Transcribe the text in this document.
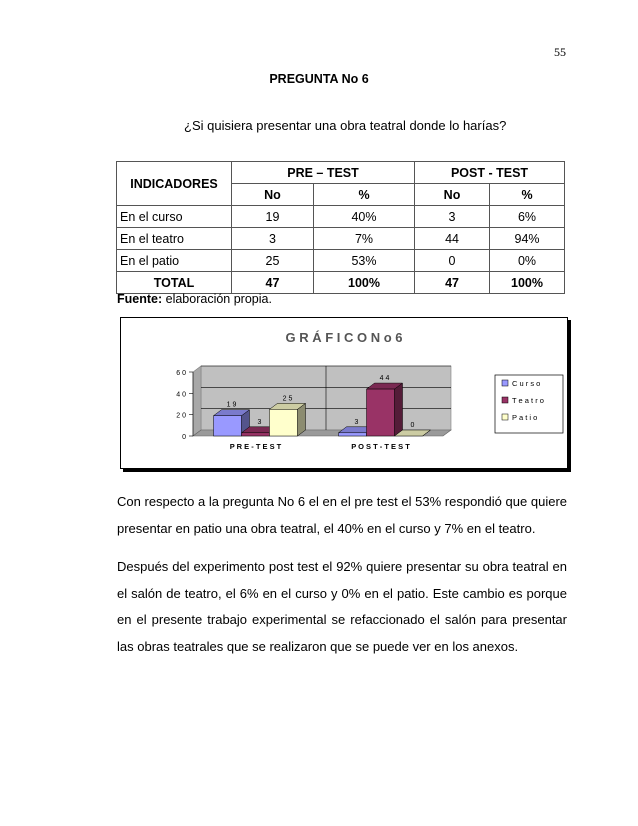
55
PREGUNTA No 6
¿Si quisiera presentar una obra teatral donde lo harías?
INDICADORES	PRE – TEST		POST - TEST	
	No	%	No	%
En el curso	19	40%	3	6%
En el teatro	3	7%	44	94%
En el patio	25	53%	0	0%
TOTAL	47	100%	47	100%
Fuente: elaboración propia.
G R Á F I C O N o 6
0
2 0
4 0
6 0
1 9
3
2 5
P R E - T E S T
3
4 4
0
P O S T - T E S T
C u r s o
T e a t r o
P a t i o
Con respecto a la pregunta No 6 el en el pre test el 53% respondió que quiere presentar en patio una obra teatral, el 40% en el curso y 7% en el teatro.
Después del experimento post test el 92% quiere presentar su obra teatral en el salón de teatro, el 6% en el curso y 0% en el patio. Este cambio es porque en el presente trabajo experimental se refaccionado el salón para presentar las obras teatrales que se realizaron que se puede ver en los anexos.
